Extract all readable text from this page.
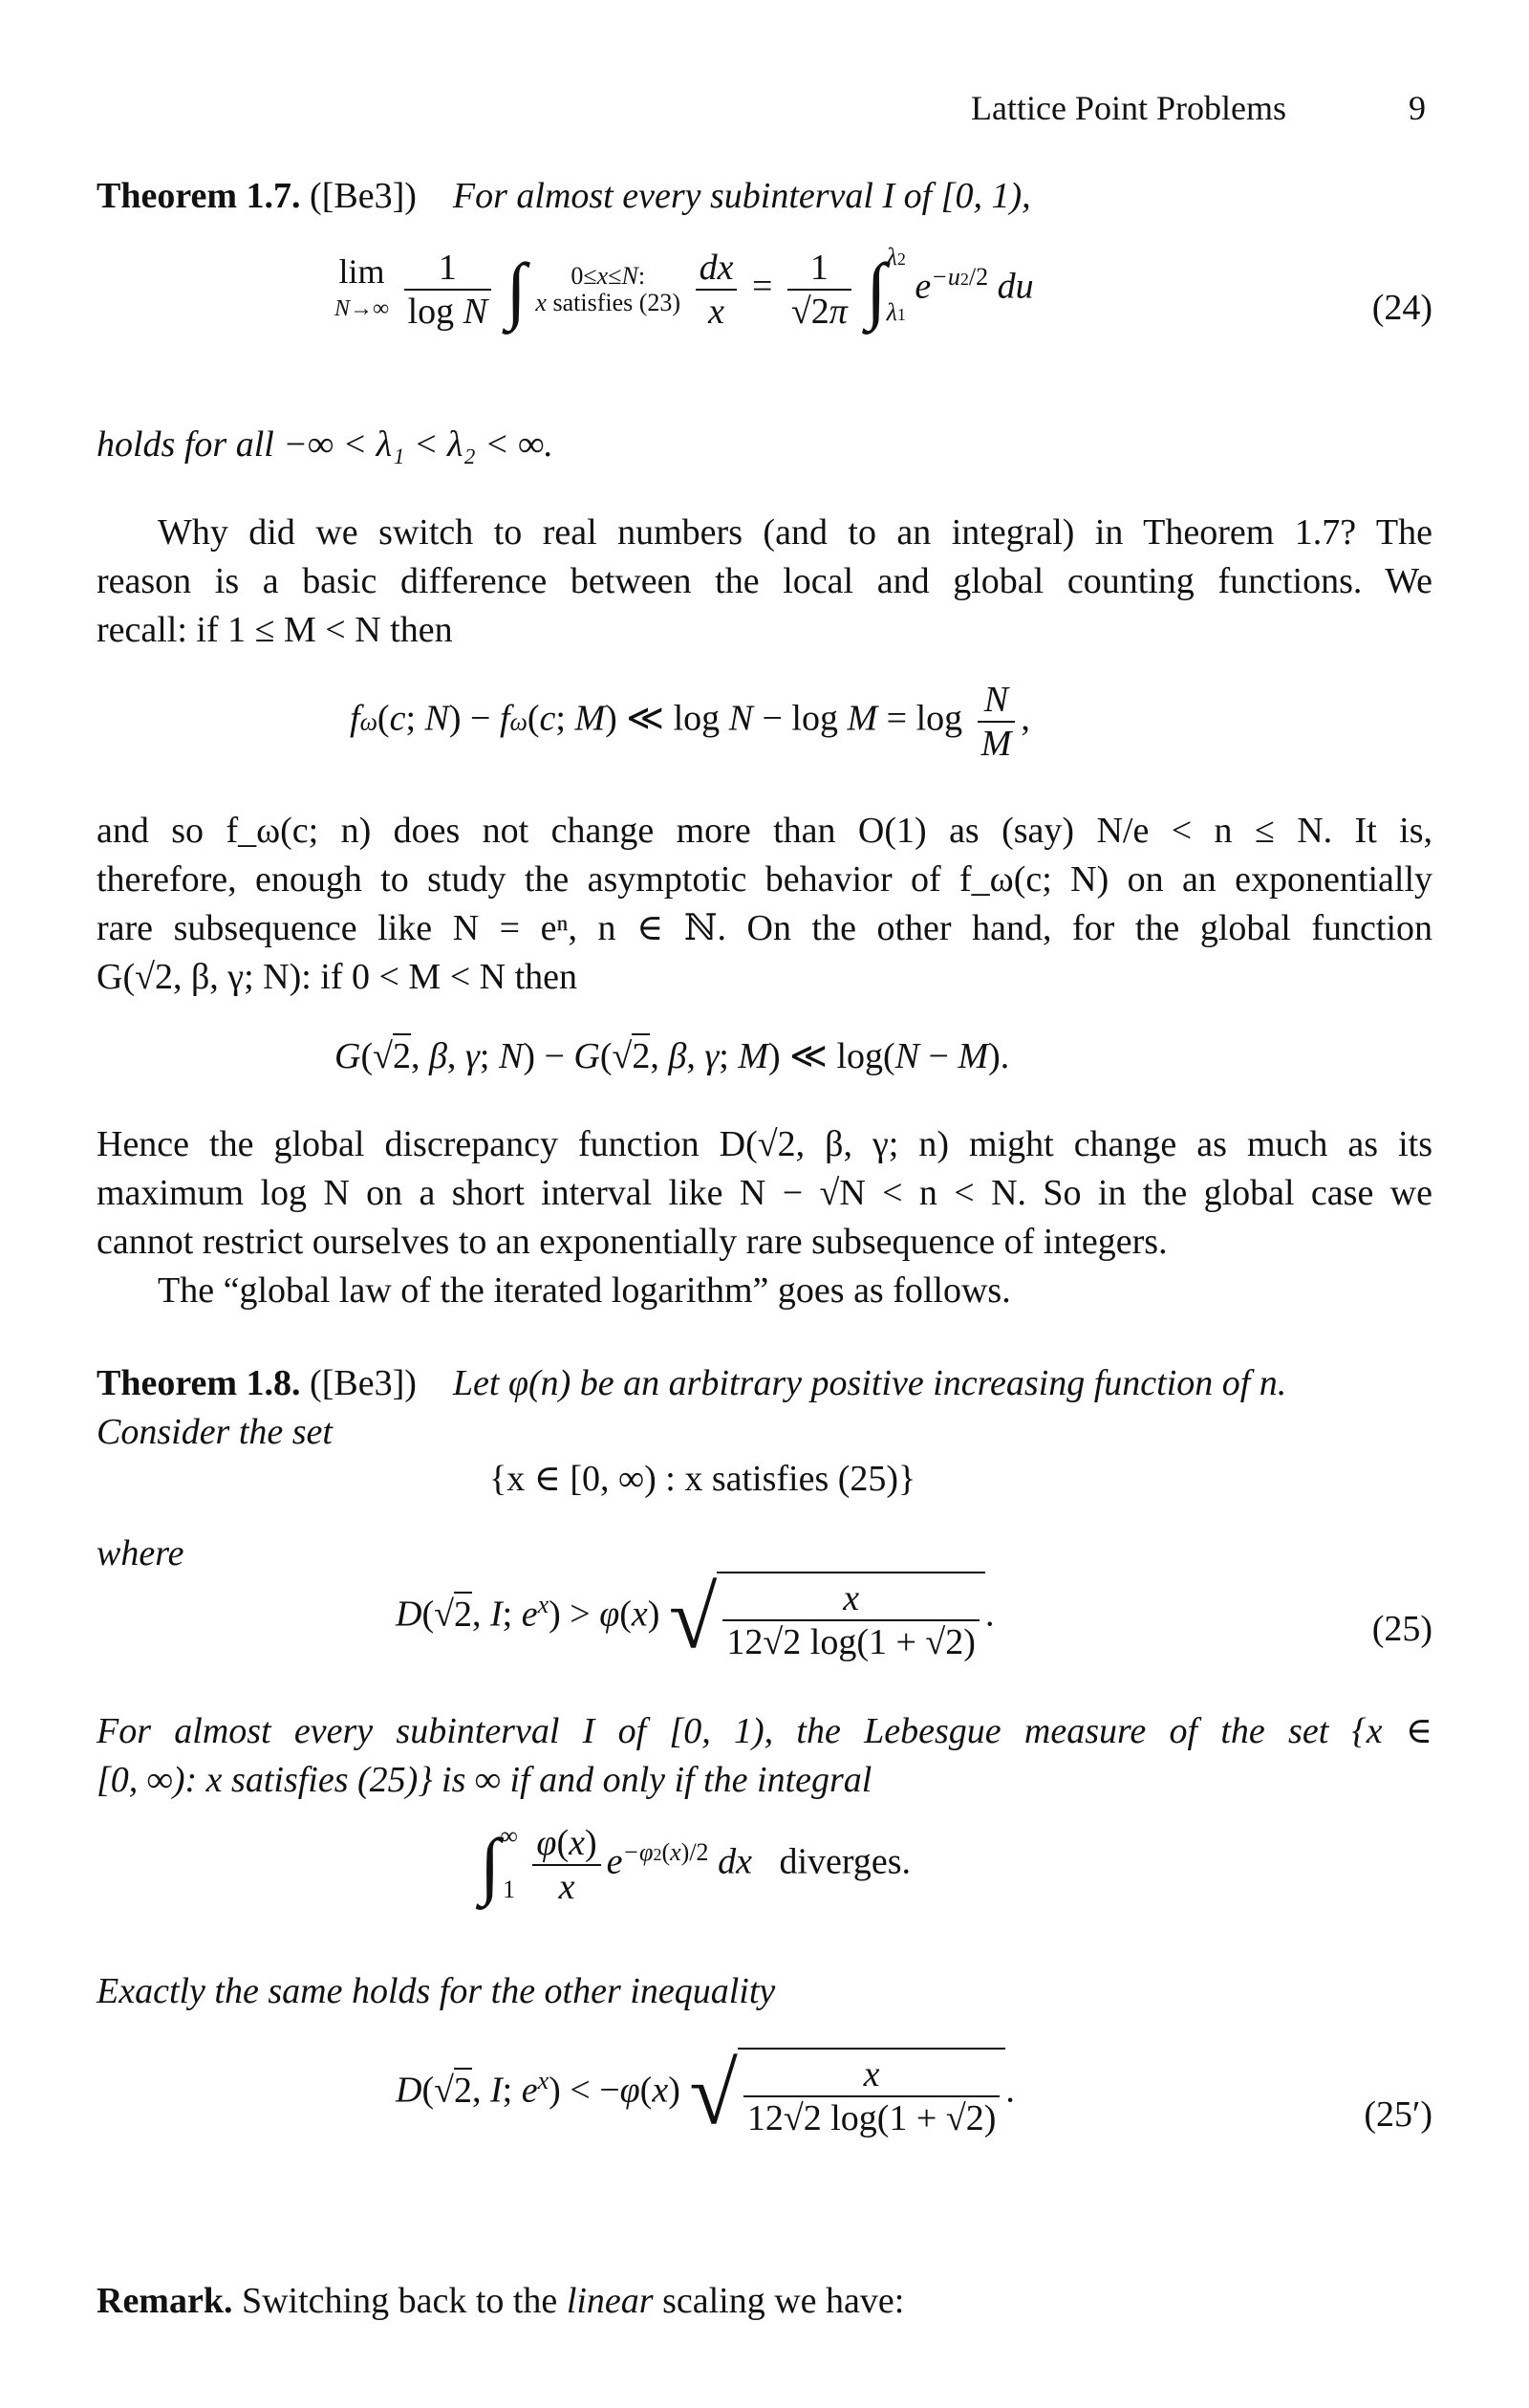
Lattice Point Problems	9
Theorem 1.7. ([Be3]) For almost every subinterval I of [0, 1),
lim
$N\to\infty \frac{1}{\text{log N}}$ ∫ 0≤x≤N:
x satisfies $(23) \frac{dx}{x} = \frac{1}{√2\pi} \int\lambda 2$

λ1 $e^{-u2/2}$ du
(24)
holds for all −∞ < λ₁ < λ₂ < ∞.
Why did we switch to real numbers (and to an integral) in Theorem 1.7? The
reason is a basic difference between the local and global counting functions. We
recall: if 1 ≤ M < N then
fω(c; N) − fω(c; M) ≪ $\log N - \log M = \log \frac{N}{M}$ ,
and so f_ω(c; n) does not change more than O(1) as (say) N/e < n ≤ N. It is,
therefore, enough to study the asymptotic behavior of f_ω(c; N) on an exponentially
rare subsequence like N = eⁿ, n ∈ ℕ. On the other hand, for the global function
G(√2, β, γ; N): if 0 < M < N then
G(√2, β, γ; N) − G(√2, β, γ; M) ≪ log(N − M).
Hence the global discrepancy function D(√2, β, γ; n) might change as much as its
maximum log N on a short interval like N − √N < n < N. So in the global case we
cannot restrict ourselves to an exponentially rare subsequence of integers.
The “global law of the iterated logarithm” goes as follows.
Theorem 1.8. ([Be3]) Let φ(n) be an arbitrary positive increasing function of n.
Consider the set
{x ∈ [0, ∞) : x satisfies (25)}
where
D(√2, I; $e^x) > \varphi(x)$ √ $\frac{x}{12√2 \log(1 + √2)}$ .	(25)
For almost every subinterval I of [0, 1), the Lebesgue measure of the set {x ∈
[0, ∞): x satisfies (25)} is ∞ if and only if the integral
∫∞

$1 \frac{\varphi(x)}{x} e^{-\varphi 2(x)/2}$ dx diverges.
Exactly the same holds for the other inequality
D(√2, I; $e^x) < -\varphi(x)$ √ $\frac{x}{12√2 \log(1 + √2)}$ .
(25′)
Remark. Switching back to the linear scaling we have:
